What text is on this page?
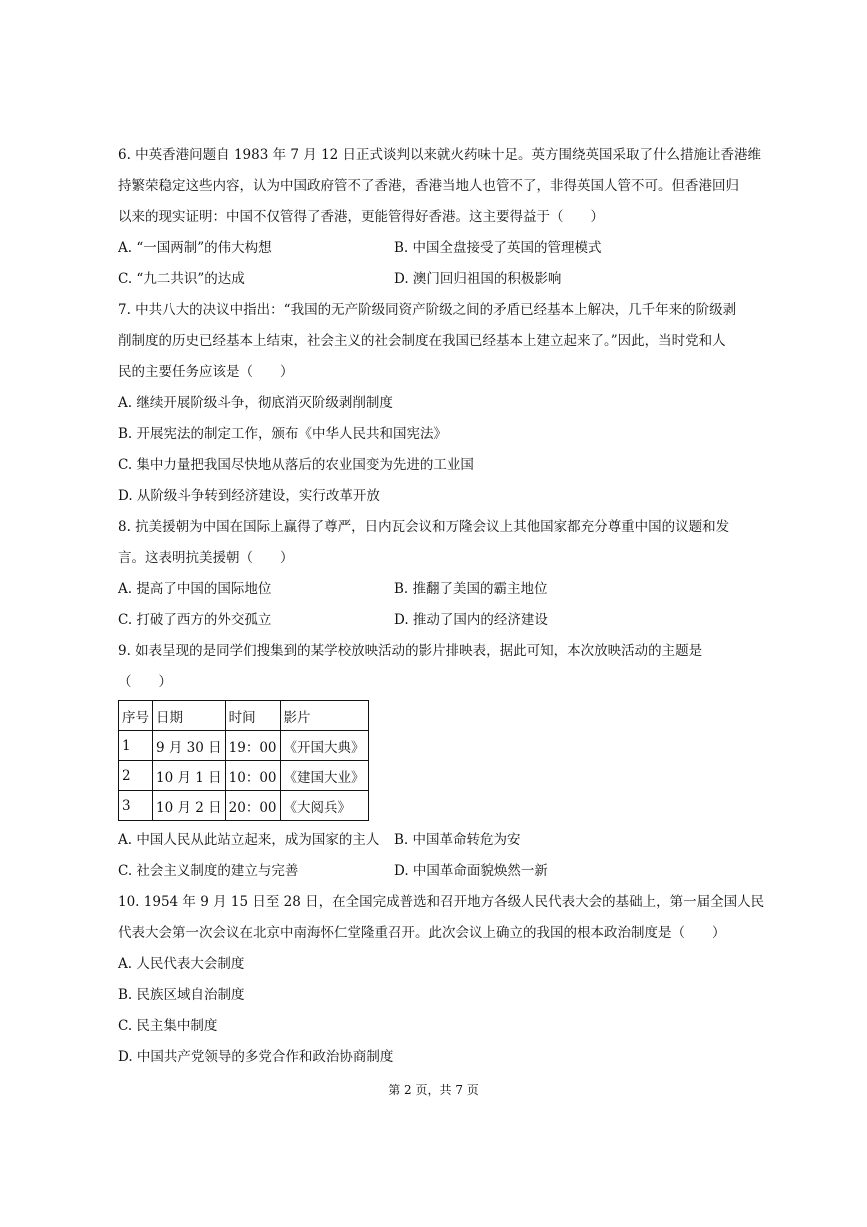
6. 中英香港问题自 1983 年 7 月 12 日正式谈判以来就火药味十足。英方围绕英国采取了什么措施让香港维
持繁荣稳定这些内容，认为中国政府管不了香港，香港当地人也管不了，非得英国人管不可。但香港回归
以来的现实证明：中国不仅管得了香港，更能管得好香港。这主要得益于（　　）
A. “一国两制”的伟大构想	B. 中国全盘接受了英国的管理模式
C. “九二共识”的达成	D. 澳门回归祖国的积极影响
7. 中共八大的决议中指出：“我国的无产阶级同资产阶级之间的矛盾已经基本上解决，几千年来的阶级剥
削制度的历史已经基本上结束，社会主义的社会制度在我国已经基本上建立起来了。”因此，当时党和人
民的主要任务应该是（　　）
A. 继续开展阶级斗争，彻底消灭阶级剥削制度
B. 开展宪法的制定工作，颁布《中华人民共和国宪法》
C. 集中力量把我国尽快地从落后的农业国变为先进的工业国
D. 从阶级斗争转到经济建设，实行改革开放
8. 抗美援朝为中国在国际上赢得了尊严，日内瓦会议和万隆会议上其他国家都充分尊重中国的议题和发
言。这表明抗美援朝（　　）
A. 提高了中国的国际地位	B. 推翻了美国的霸主地位
C. 打破了西方的外交孤立	D. 推动了国内的经济建设
9. 如表呈现的是同学们搜集到的某学校放映活动的影片排映表，据此可知，本次放映活动的主题是
（　　）
序号	日期	时间	影片
1	9 月 30 日	19：00	《开国大典》
2	10 月 1 日	10：00	《建国大业》
3	10 月 2 日	20：00	《大阅兵》
A. 中国人民从此站立起来，成为国家的主人	B. 中国革命转危为安
C. 社会主义制度的建立与完善	D. 中国革命面貌焕然一新
10. 1954 年 9 月 15 日至 28 日，在全国完成普选和召开地方各级人民代表大会的基础上，第一届全国人民
代表大会第一次会议在北京中南海怀仁堂隆重召开。此次会议上确立的我国的根本政治制度是（　　）
A. 人民代表大会制度
B. 民族区域自治制度
C. 民主集中制度
D. 中国共产党领导的多党合作和政治协商制度
第 2 页，共 7 页
